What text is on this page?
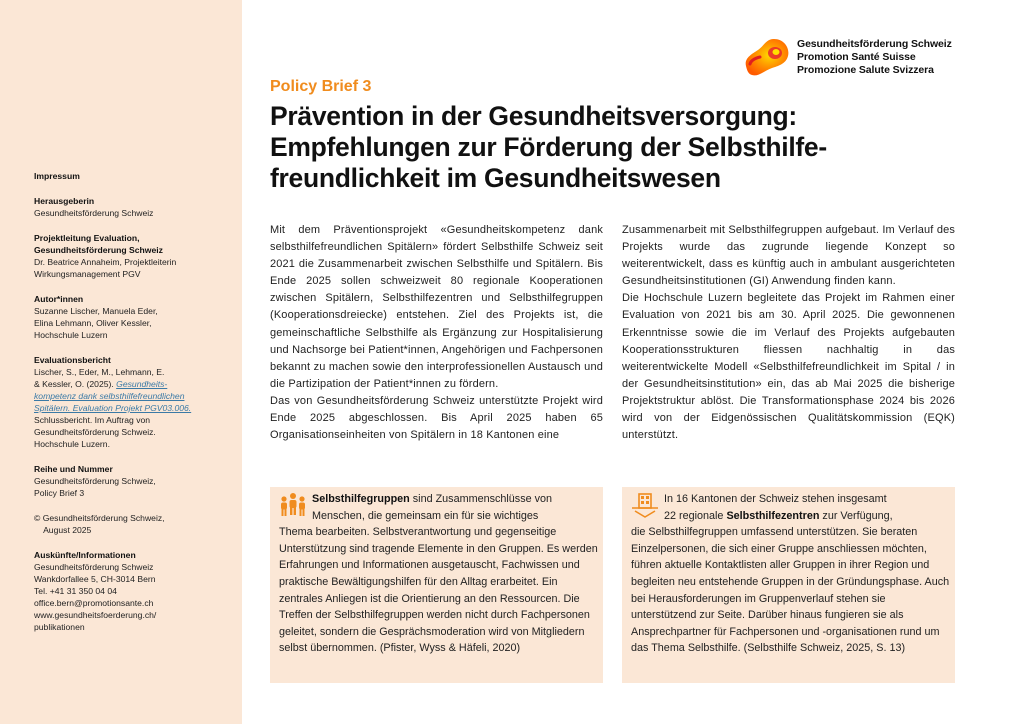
Impressum
Herausgeberin
Gesundheitsförderung Schweiz
Projektleitung Evaluation,
Gesundheitsförderung Schweiz
Dr. Beatrice Annaheim, Projektleiterin
Wirkungsmanagement PGV
Autor*innen
Suzanne Lischer, Manuela Eder,
Elina Lehmann, Oliver Kessler,
Hochschule Luzern
Evaluationsbericht
Lischer, S., Eder, M., Lehmann, E.
& Kessler, O. (2025). Gesundheits-
kompetenz dank selbsthilfefreundlichen
Spitälern. Evaluation Projekt PGV03.006.
Schlussbericht. Im Auftrag von
Gesundheitsförderung Schweiz.
Hochschule Luzern.
Reihe und Nummer
Gesundheitsförderung Schweiz,
Policy Brief 3
© Gesundheitsförderung Schweiz,
August 2025
Auskünfte/Informationen
Gesundheitsförderung Schweiz
Wankdorfallee 5, CH-3014 Bern
Tel. +41 31 350 04 04
office.bern@promotionsante.ch
www.gesundheitsfoerderung.ch/
publikationen
Gesundheitsförderung Schweiz
Promotion Santé Suisse
Promozione Salute Svizzera
Policy Brief 3
Prävention in der Gesundheitsversorgung:
Empfehlungen zur Förderung der Selbsthilfe-
freundlichkeit im Gesundheitswesen

Mit dem Präventionsprojekt «Gesundheitskompetenz dank selbsthilfefreundlichen Spitälern» fördert Selbsthilfe Schweiz seit 2021 die Zusammenarbeit zwischen Selbsthilfe und Spitälern. Bis Ende 2025 sollen schweizweit 80 regionale Kooperationen zwischen Spitälern, Selbsthilfezentren und Selbsthilfegruppen (Kooperationsdreiecke) entstehen. Ziel des Projekts ist, die gemeinschaftliche Selbsthilfe als Ergänzung zur Hospitalisierung und Nachsorge bei Patient*innen, Angehörigen und Fachpersonen bekannt zu machen sowie den interprofessionellen Austausch und die Partizipation der Patient*innen zu fördern.

Das von Gesundheitsförderung Schweiz unterstützte Projekt wird Ende 2025 abgeschlossen. Bis April 2025 haben 65 Organisationseinheiten von Spitälern in 18 Kantonen eine

Zusammenarbeit mit Selbsthilfegruppen aufgebaut. Im Verlauf des Projekts wurde das zugrunde liegende Konzept so weiterentwickelt, dass es künftig auch in ambulant ausgerichteten Gesundheitsinstitutionen (GI) Anwendung finden kann.

Die Hochschule Luzern begleitete das Projekt im Rahmen einer Evaluation von 2021 bis am 30. April 2025. Die gewonnenen Erkenntnisse sowie die im Verlauf des Projekts aufgebauten Kooperationsstrukturen fliessen nachhaltig in das weiterentwickelte Modell «Selbsthilfefreundlichkeit im Spital / in der Gesundheitsinstitution» ein, das ab Mai 2025 die bisherige Projektstruktur ablöst. Die Transformationsphase 2024 bis 2026 wird von der Eidgenössischen Qualitätskommission (EQK) unterstützt.

Selbsthilfegruppen sind Zusammenschlüsse von

Menschen, die gemeinsam ein für sie wichtiges

Thema bearbeiten. Selbstverantwortung und gegenseitige Unterstützung sind tragende Elemente in den Gruppen. Es werden Erfahrungen und Informationen ausgetauscht, Fachwissen und praktische Bewältigungshilfen für den Alltag erarbeitet. Ein zentrales Anliegen ist die Orientierung an den Ressourcen. Die Treffen der Selbsthilfegruppen werden nicht durch Fachpersonen geleitet, sondern die Gesprächsmoderation wird von Mitgliedern selbst übernommen. (Pfister, Wyss & Häfeli, 2020)

In 16 Kantonen der Schweiz stehen insgesamt

22 regionale Selbsthilfezentren zur Verfügung,

die Selbsthilfegruppen umfassend unterstützen. Sie beraten Einzelpersonen, die sich einer Gruppe anschliessen möchten, führen aktuelle Kontaktlisten aller Gruppen in ihrer Region und begleiten neu entstehende Gruppen in der Gründungsphase. Auch bei Herausforderungen im Gruppenverlauf stehen sie unterstützend zur Seite. Darüber hinaus fungieren sie als Ansprechpartner für Fachpersonen und -organisationen rund um das Thema Selbsthilfe. (Selbsthilfe Schweiz, 2025, S. 13)
